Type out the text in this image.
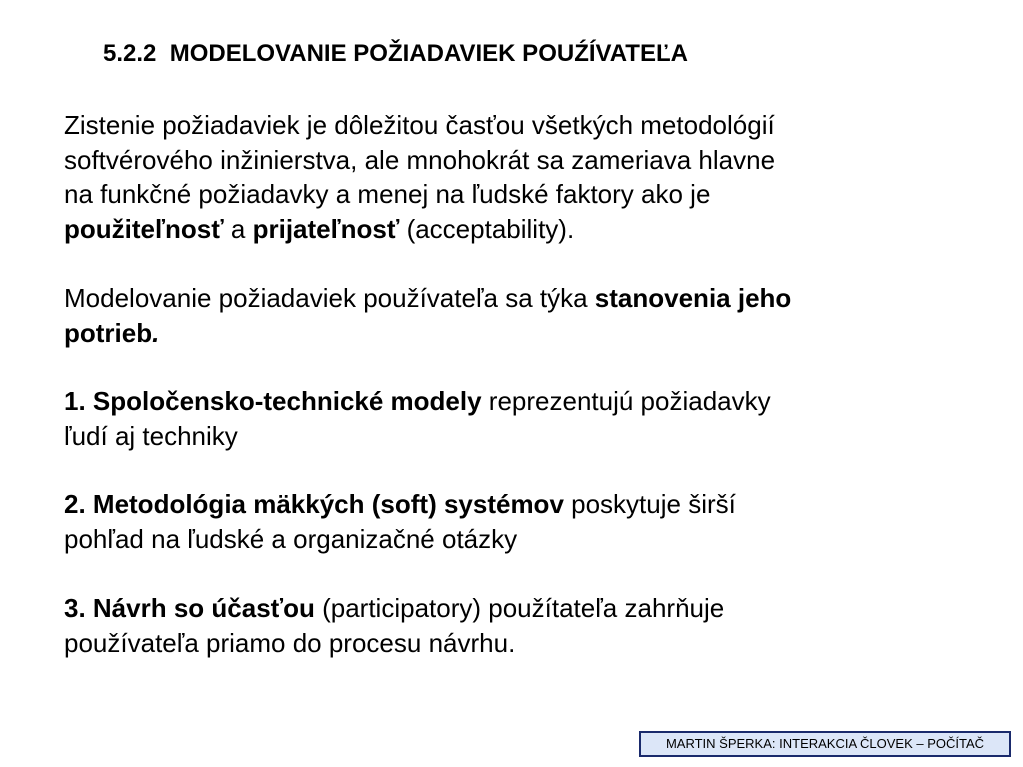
5.2.2  MODELOVANIE POŽIADAVIEK POUŹÍVATEĽA
Zistenie požiadaviek je dôležitou časťou všetkých metodológií
softvérového inžinierstva, ale mnohokrát sa zameriava hlavne
na funkčné požiadavky a menej na ľudské faktory ako je
použiteľnosť a prijateľnosť (acceptability).
Modelovanie požiadaviek používateľa sa týka stanovenia jeho
potrieb.
1. Spoločensko-technické modely reprezentujú požiadavky
ľudí aj techniky
2. Metodológia mäkkých (soft) systémov poskytuje širší
pohľad na ľudské a organizačné otázky
3. Návrh so účasťou (participatory) použítateľa zahrňuje
používateľa priamo do procesu návrhu.
MARTIN ŠPERKA: INTERAKCIA ČLOVEK – POČÍTAČ
